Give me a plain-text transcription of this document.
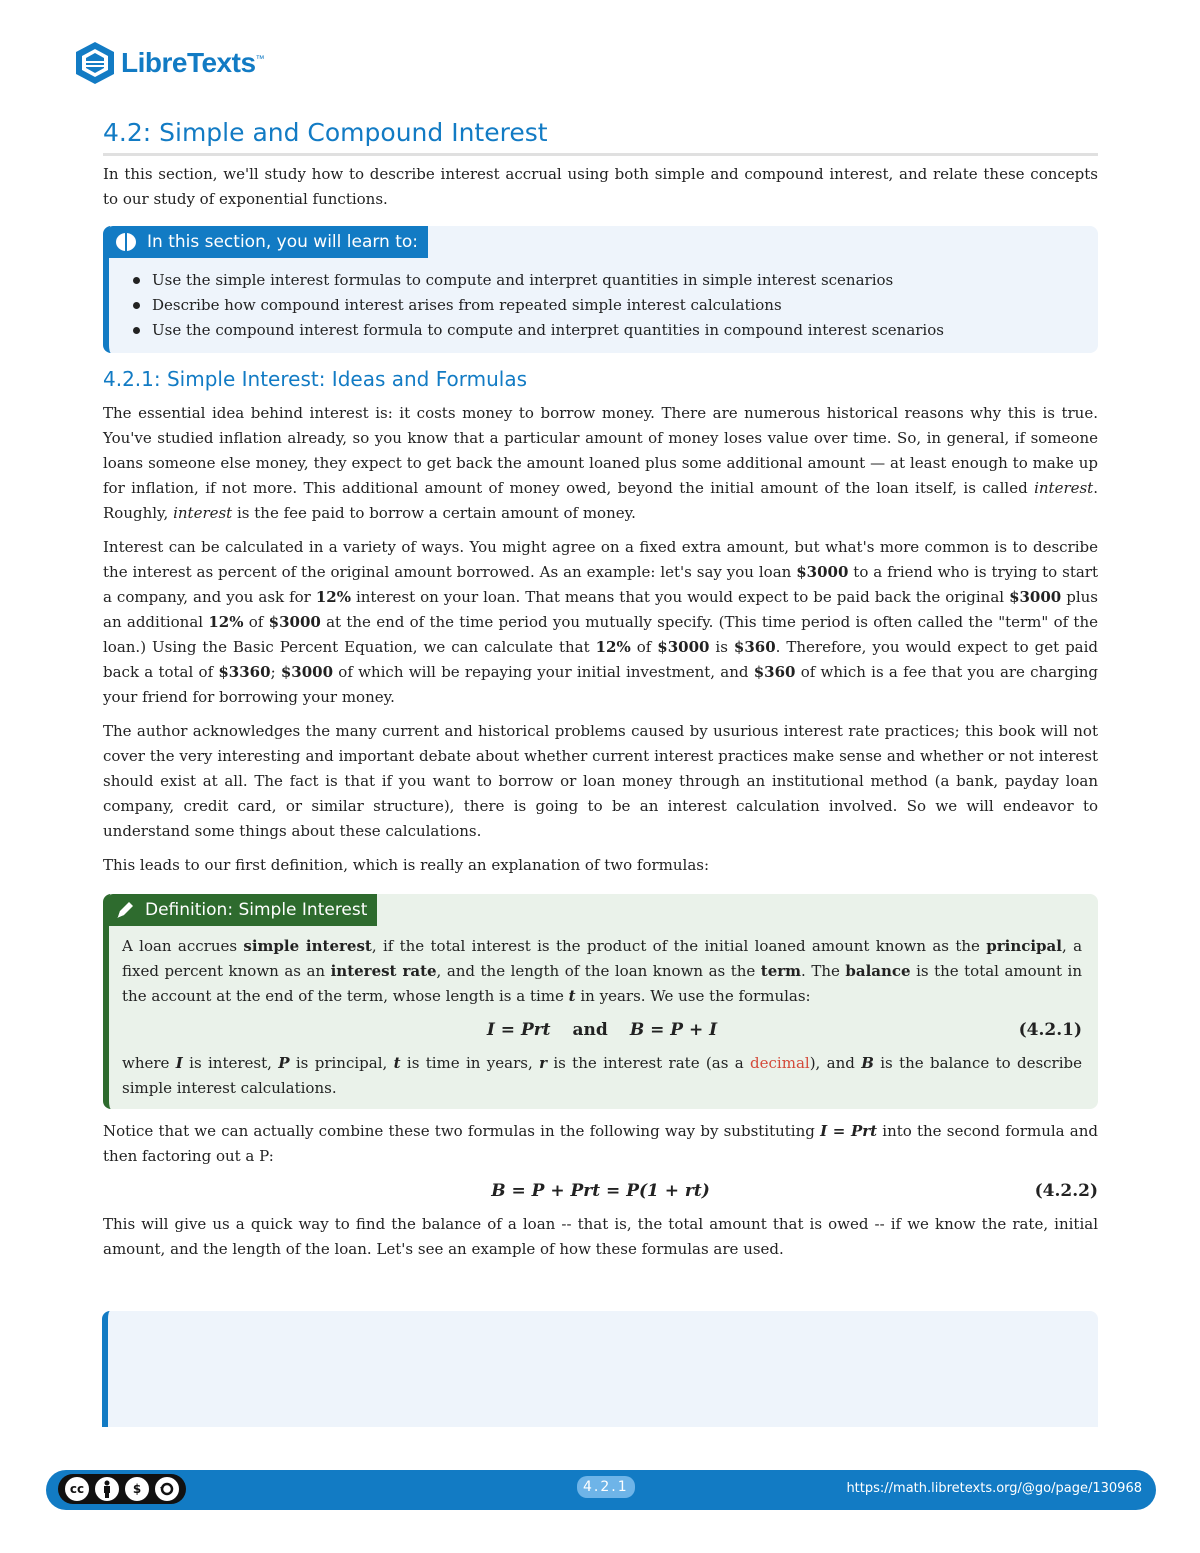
LibreTexts™
4.2: Simple and Compound Interest

In this section, we'll study how to describe interest accrual using both simple and compound interest, and relate these concepts to our study of exponential functions.

In this section, you will learn to:
Use the simple interest formulas to compute and interpret quantities in simple interest scenarios
Describe how compound interest arises from repeated simple interest calculations
Use the compound interest formula to compute and interpret quantities in compound interest scenarios
4.2.1: Simple Interest: Ideas and Formulas

The essential idea behind interest is: it costs money to borrow money. There are numerous historical reasons why this is true. You've studied inflation already, so you know that a particular amount of money loses value over time. So, in general, if someone loans someone else money, they expect to get back the amount loaned plus some additional amount — at least enough to make up for inflation, if not more. This additional amount of money owed, beyond the initial amount of the loan itself, is called interest. Roughly, interest is the fee paid to borrow a certain amount of money.

Interest can be calculated in a variety of ways. You might agree on a fixed extra amount, but what's more common is to describe the interest as percent of the original amount borrowed. As an example: let's say you loan $3000 to a friend who is trying to start a company, and you ask for 12% interest on your loan. That means that you would expect to be paid back the original $3000 plus an additional 12% of $3000 at the end of the time period you mutually specify. (This time period is often called the "term" of the loan.) Using the Basic Percent Equation, we can calculate that 12% of $3000 is $360. Therefore, you would expect to get paid back a total of $3360; $3000 of which will be repaying your initial investment, and $360 of which is a fee that you are charging your friend for borrowing your money.

The author acknowledges the many current and historical problems caused by usurious interest rate practices; this book will not cover the very interesting and important debate about whether current interest practices make sense and whether or not interest should exist at all. The fact is that if you want to borrow or loan money through an institutional method (a bank, payday loan company, credit card, or similar structure), there is going to be an interest calculation involved. So we will endeavor to understand some things about these calculations.

This leads to our first definition, which is really an explanation of two formulas:

Definition: Simple Interest

A loan accrues simple interest, if the total interest is the product of the initial loaned amount known as the principal, a fixed percent known as an interest rate, and the length of the loan known as the term. The balance is the total amount in the account at the end of the term, whose length is a time t in years. We use the formulas:

I = Prt and B = P + I	(4.2.1)

where I is interest, P is principal, t is time in years, r is the interest rate (as a decimal), and B is the balance to describe simple interest calculations.

Notice that we can actually combine these two formulas in the following way by substituting I = Prt into the second formula and then factoring out a P:

B = P + Prt = P(1 + rt)	(4.2.2)

This will give us a quick way to find the balance of a loan -- that is, the total amount that is owed -- if we know the rate, initial amount, and the length of the loan. Let's see an example of how these formulas are used.

cc	$	4.2.1	https://math.libretexts.org/@go/page/130968
